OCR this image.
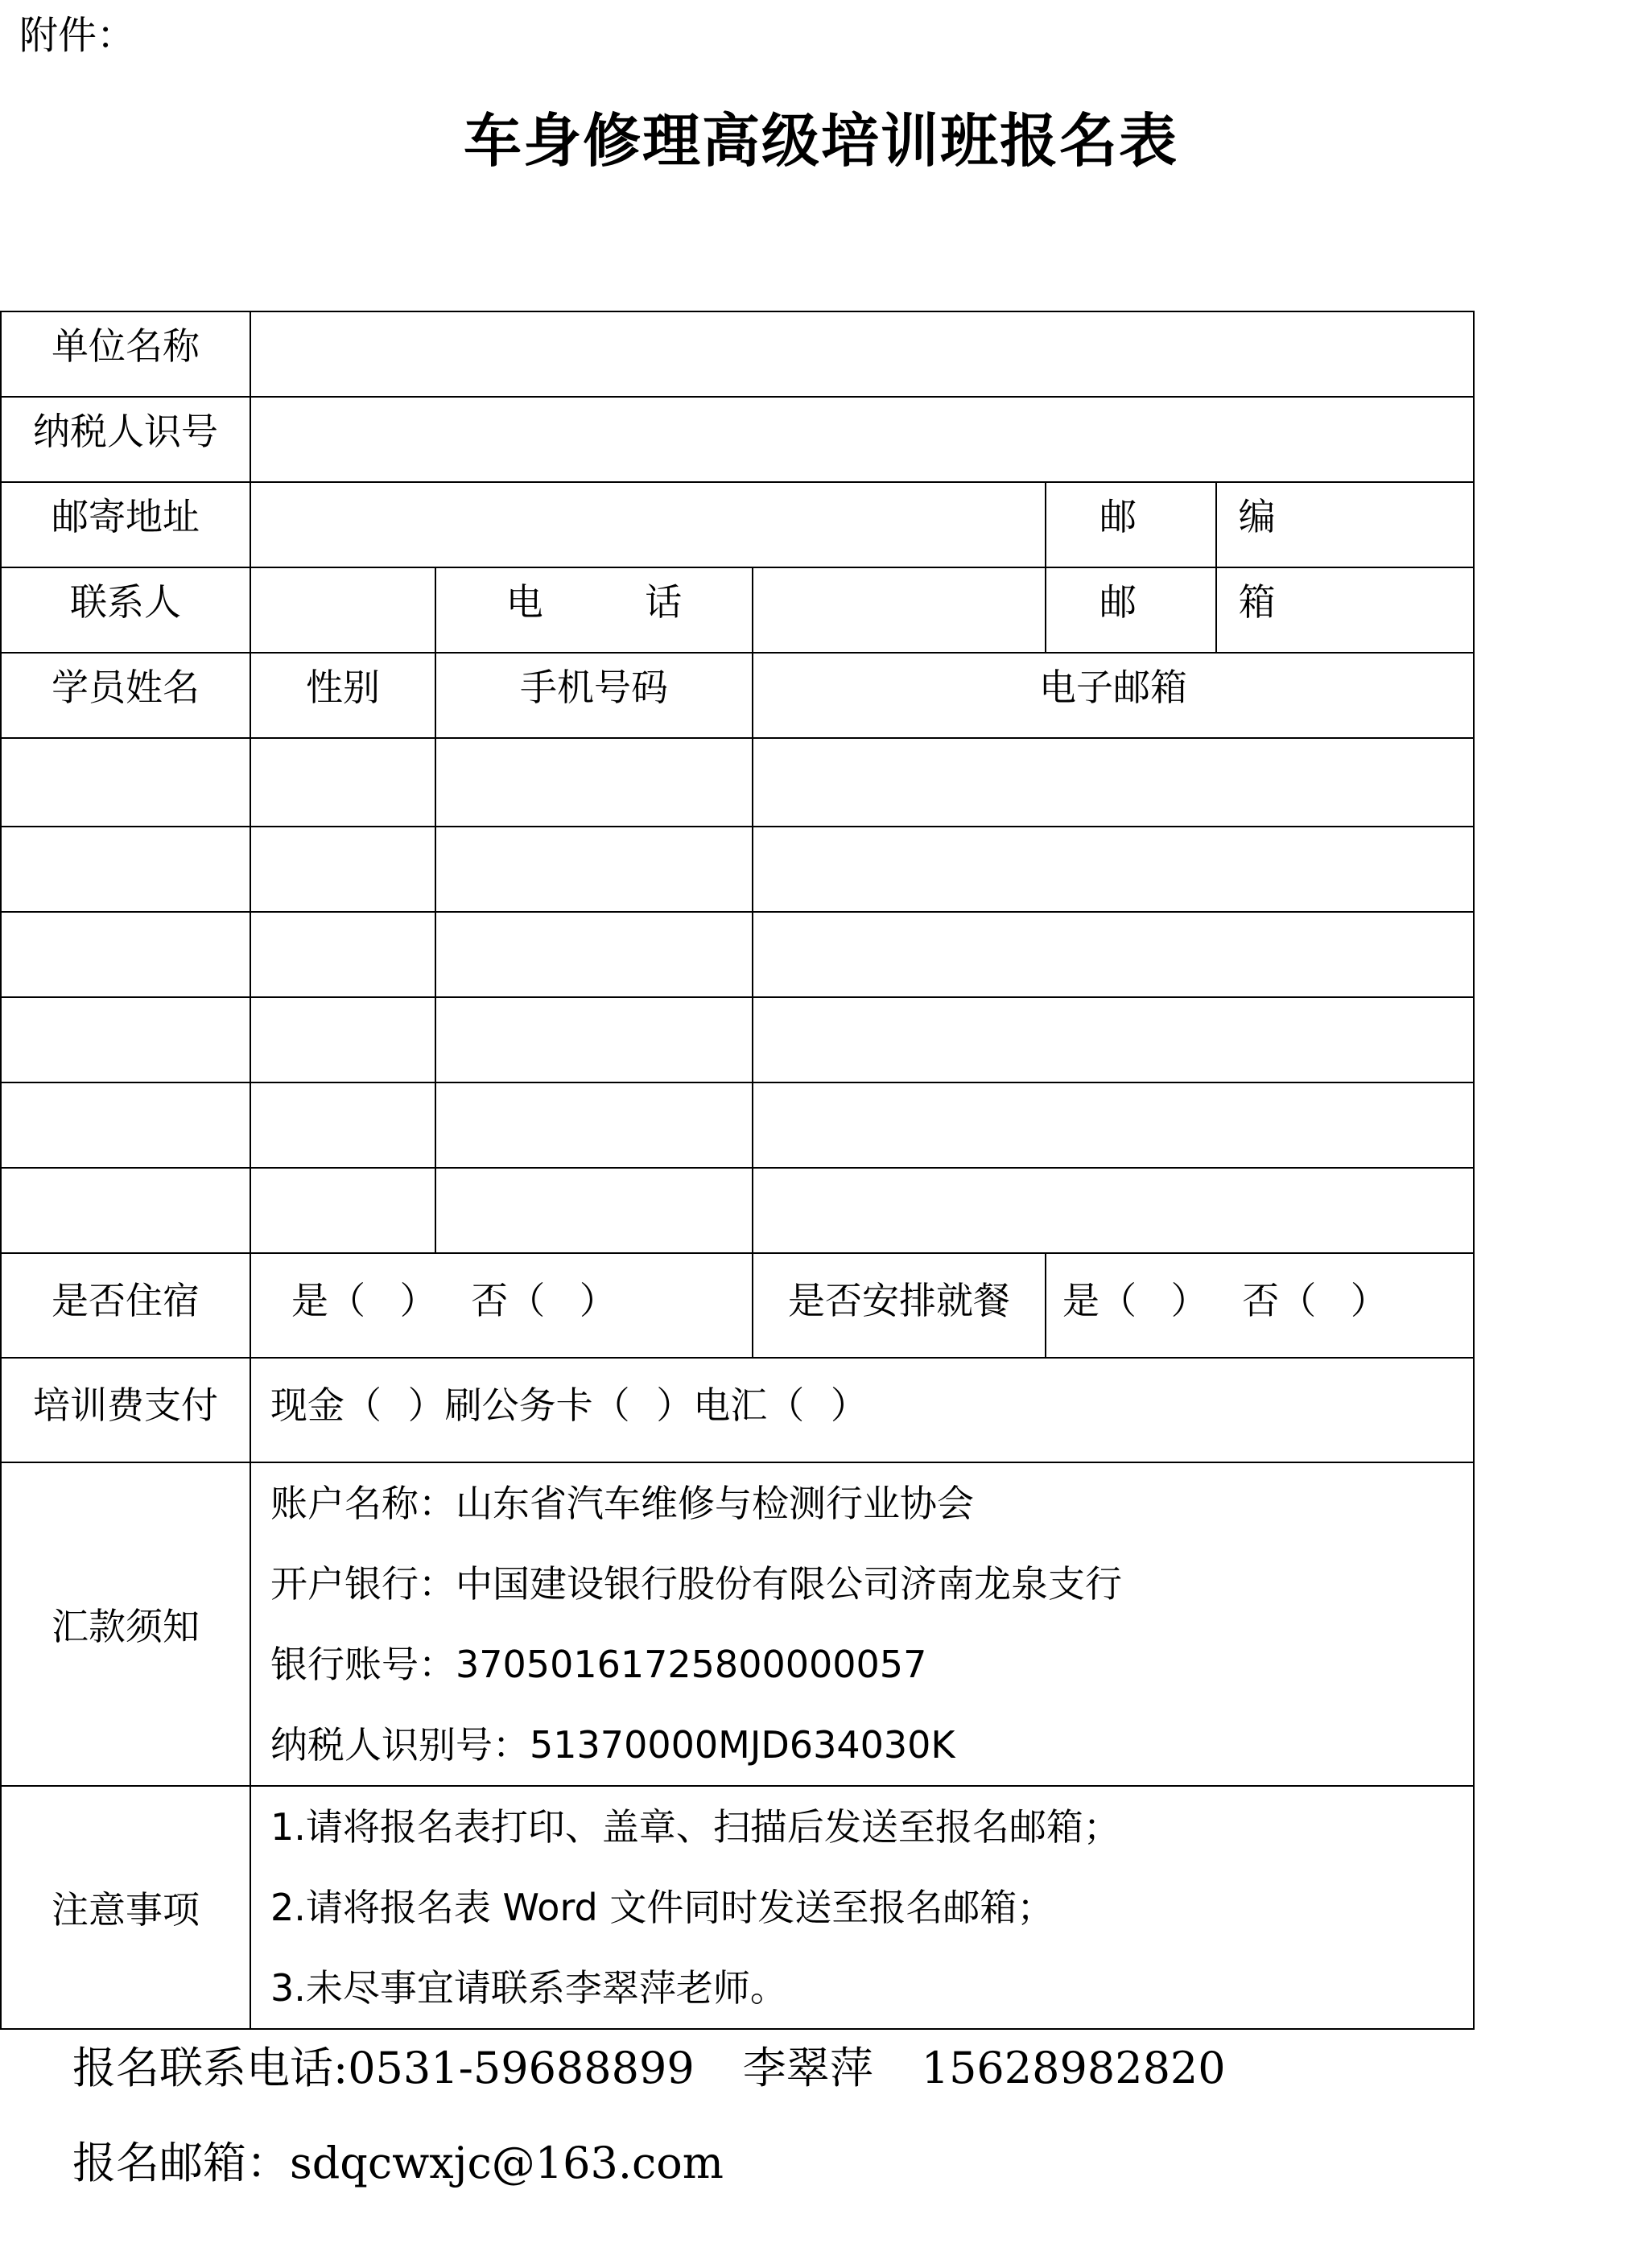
附件：
车身修理高级培训班报名表
单位名称					
纳税人识号					
邮寄地址				邮 编	
联系人		电 话		邮 箱	
学员姓名	性别	手机号码	电子邮箱		

是否住宿	是（ ） 否（ ）		是否安排就餐	是（ ） 否（ ）	
培训费支付	现金（ ）刷公务卡（ ）电汇（ ）				
汇款须知	账户名称：山东省汽车维修与检测行业协会
开户银行：中国建设银行股份有限公司济南龙泉支行
银行账号：37050161725800000057
纳税人识别号：51370000MJD634030K				

注意事项	1.请将报名表打印、盖章、扫描后发送至报名邮箱；
2.请将报名表 Word 文件同时发送至报名邮箱；
3.未尽事宜请联系李翠萍老师。				
报名联系电话:0531-59688899 李翠萍 15628982820
报名邮箱：sdqcwxjc@163.com
